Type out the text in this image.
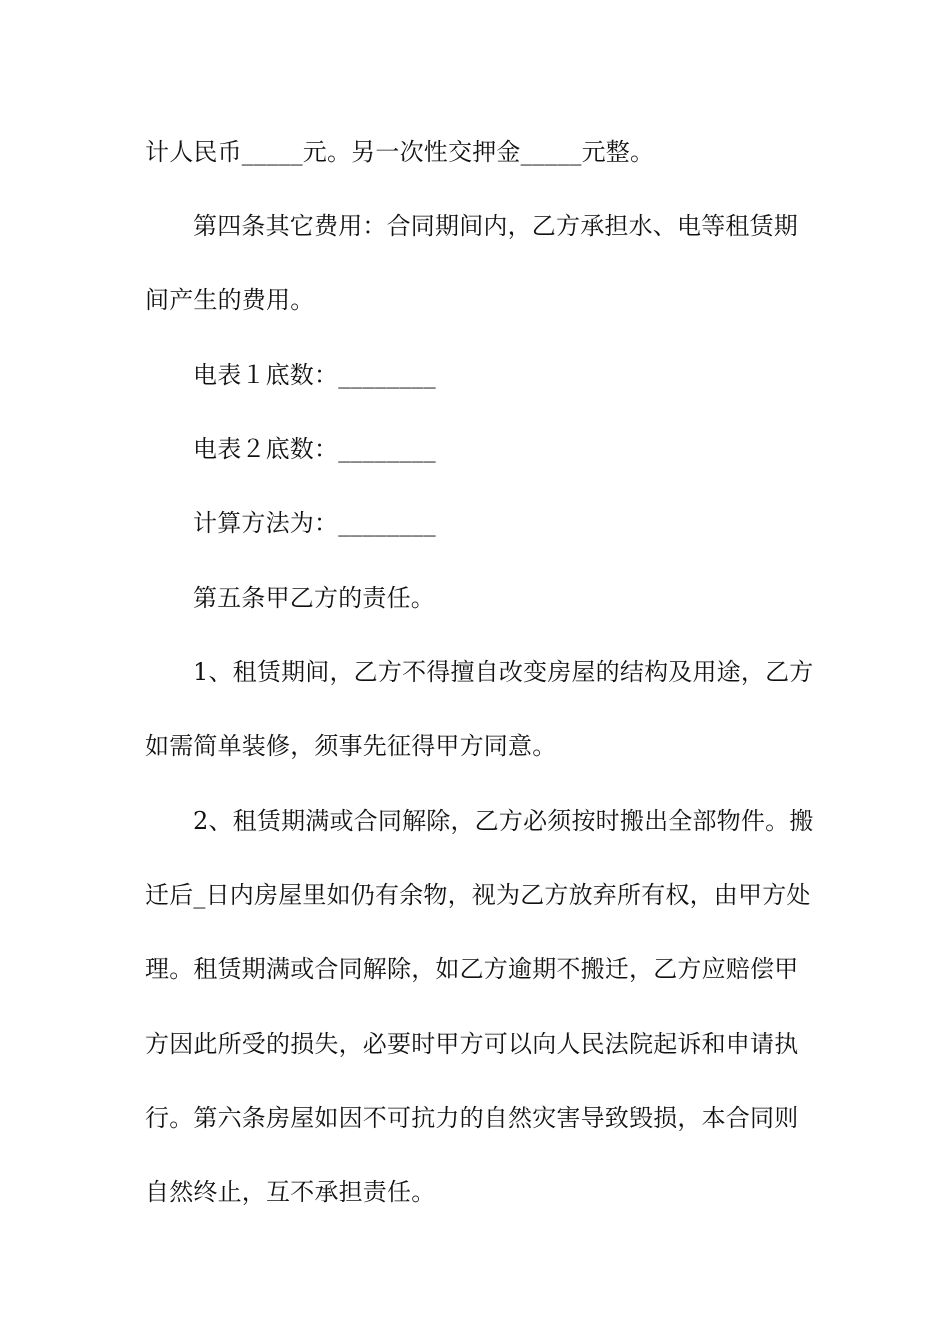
计人民币_____元。另一次性交押金_____元整。
第四条其它费用：合同期间内，乙方承担水、电等租赁期
间产生的费用。
电表１底数：________
电表２底数：________
计算方法为：________
第五条甲乙方的责任。
1、租赁期间，乙方不得擅自改变房屋的结构及用途，乙方
如需简单装修，须事先征得甲方同意。
2、租赁期满或合同解除，乙方必须按时搬出全部物件。搬
迁后_日内房屋里如仍有余物，视为乙方放弃所有权，由甲方处
理。租赁期满或合同解除，如乙方逾期不搬迁，乙方应赔偿甲
方因此所受的损失，必要时甲方可以向人民法院起诉和申请执
行。第六条房屋如因不可抗力的自然灾害导致毁损，本合同则
自然终止，互不承担责任。
